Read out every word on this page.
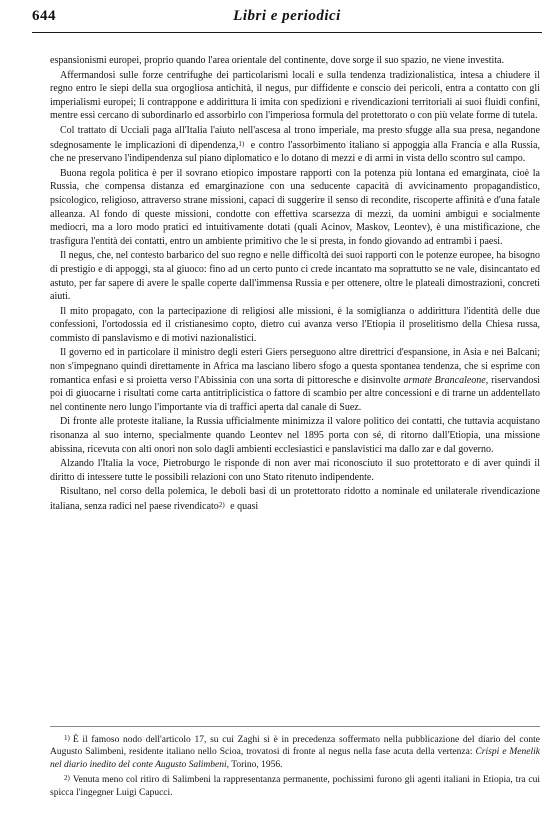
644	Libri e periodici

espansionismi europei, proprio quando l'area orientale del continente, dove sorge il suo spazio, ne viene investita.

Affermandosi sulle forze centrifughe dei particolarismi locali e sulla tendenza tradizionalistica, intesa a chiudere il regno entro le siepi della sua orgogliosa antichità, il negus, pur diffidente e conscio dei pericoli, entra a contatto con gli imperialismi europei; li contrappone e addirittura li imita con spedizioni e rivendicazioni territoriali ai suoi fluidi confini, mentre essi cercano di subordinarlo ed assorbirlo con l'imperiosa formula del protettorato o con più velate forme di tutela.

Col trattato di Ucciali paga all'Italia l'aiuto nell'ascesa al trono imperiale, ma presto sfugge alla sua presa, negandone sdegnosamente le implicazioni di dipendenza,$^{1)}$ e contro l'assorbimento italiano si appoggia alla Francia e alla Russia, che ne preservano l'indipendenza sul piano diplomatico e lo dotano di mezzi e di armi in vista dello scontro sul campo.

Buona regola politica è per il sovrano etiopico impostare rapporti con la potenza più lontana ed emarginata, cioè la Russia, che compensa distanza ed emarginazione con una seducente capacità di avvicinamento propagandistico, psicologico, religioso, attraverso strane missioni, capaci di suggerire il senso di recondite, riscoperte affinità e d'una fatale alleanza. Al fondo di queste missioni, condotte con effettiva scarsezza di mezzi, da uomini ambigui e socialmente mediocri, ma a loro modo pratici ed intuitivamente dotati (quali Acinov, Maskov, Leontev), è una mistificazione, che trasfigura l'entità dei contatti, entro un ambiente primitivo che le si presta, in fondo giovando ad entrambi i paesi.

Il negus, che, nel contesto barbarico del suo regno e nelle difficoltà dei suoi rapporti con le potenze europee, ha bisogno di prestigio e di appoggi, sta al giuoco: fino ad un certo punto ci crede incantato ma soprattutto se ne vale, disincantato ed astuto, per far sapere di avere le spalle coperte dall'immensa Russia e per ottenere, oltre le plateali dimostrazioni, concreti aiuti.

Il mito propagato, con la partecipazione di religiosi alle missioni, è la somiglianza o addirittura l'identità delle due confessioni, l'ortodossia ed il cristianesimo copto, dietro cui avanza verso l'Etiopia il proselitismo della Chiesa russa, commisto di panslavismo e di motivi nazionalistici.

Il governo ed in particolare il ministro degli esteri Giers perseguono altre direttrici d'espansione, in Asia e nei Balcani; non s'impegnano quindi direttamente in Africa ma lasciano libero sfogo a questa spontanea tendenza, che si esprime con romantica enfasi e si proietta verso l'Abissinia con una sorta di pittoresche e disinvolte armate Brancaleone, riservandosi poi di giuocarne i risultati come carta antitriplicistica o fattore di scambio per altre concessioni e di trarne un addentellato nel continente nero lungo l'importante via di traffici aperta dal canale di Suez.

Di fronte alle proteste italiane, la Russia ufficialmente minimizza il valore politico dei contatti, che tuttavia acquistano risonanza al suo interno, specialmente quando Leontev nel 1895 porta con sé, di ritorno dall'Etiopia, una missione abissina, ricevuta con alti onori non solo dagli ambienti ecclesiastici e panslavistici ma dallo zar e dal governo.

Alzando l'Italia la voce, Pietroburgo le risponde di non aver mai riconosciuto il suo protettorato e di aver quindi il diritto di intessere tutte le possibili relazioni con uno Stato ritenuto indipendente.

Risultano, nel corso della polemica, le deboli basi di un protettorato ridotto a nominale ed unilaterale rivendicazione italiana, senza radici nel paese rivendicato$^{2)}$ e quasi

$^{1)}$ È il famoso nodo dell'articolo 17, su cui Zaghi si è in precedenza soffermato nella pubblicazione del diario del conte Augusto Salimbeni, residente italiano nello Scioa, trovatosi di fronte al negus nella fase acuta della vertenza: Crispi e Menelik nel diario inedito del conte Augusto Salimbeni, Torino, 1956.

$^{2)}$ Venuta meno col ritiro di Salimbeni la rappresentanza permanente, pochissimi furono gli agenti italiani in Etiopia, tra cui spicca l'ingegner Luigi Capucci.
